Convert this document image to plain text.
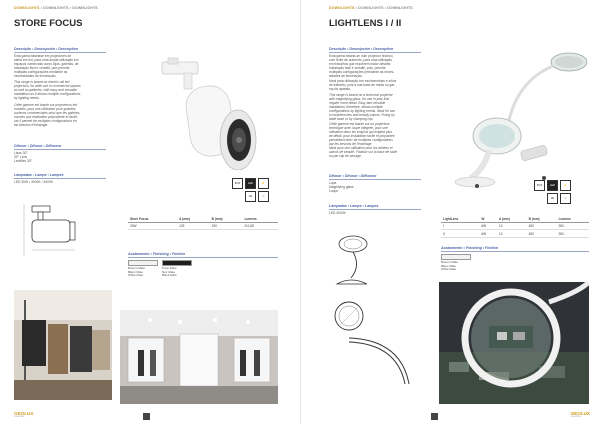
DOWNLIGHTS • DOWNLIGHTS • DOWNLIGHTS
STORE FOCUS
Descrição • Descripción • Description
Esta gama baseiase em projectores de
calha em led, para uma ampla utilização em
espaços comerciais como lojas, galerias, de
instalação fácil e versátil, pois permite
múltiplas configurações mediante as
necessidades de iluminação.
This range is based on electric rail led
projectors, for wide use in commercial spaces
as well as galleries, with easy and versatile
installation as it allows multiple configurations
by lighting needs.
Cette gamme est basée sur projecteurs led
murales, pour une utilisation pour grandes
surfaces commerciales ainsi que les galeries,
normes aux réalisation polyvalente et facile,
car il permet de multiples configurations en
las besoins d'éclairage.
Difusor • Difusor • Diffuseur
Lisos 30°
30° Lens
Lentilles 30°
Lâmpadas • Lamps • Lampes
LED 30W • 3000K / 4000K	IP20	LED	⚡
CE	▽
Store Focus	A (mm)	B (mm)	Lumens
30W	125	190	2/4,3/0
Acabamento • Finishing • Finition
Branco Mate
Blanc Mate
White Mate
Preto Mate
Noir Mate
Black Mate
GEOLUX
LIGHTING
DOWNLIGHTS • DOWNLIGHTS • DOWNLIGHTS
LIGHTLENS I / II
Descrição • Descripción • Description
Esta gama baseia-se num projector técnico,
com lente de aumento, para uma utilização
em trabalhos que requerem maior detalhe.
Instalação fácil e versátil, pois, permite
múltiplas configurações (mediante as neces-
sidades de iluminação.
Ideal para utilização em escrivaninhas e sítios
de trabalho, pois a sua base de mesa ou gar-
mp de aparato.
This range is based on a technical projector
with magnifying glass, for use in jobs that
require more detail. Easy and versatile
installation, therefore, allows multiple
configurations by lighting needs. Ideal for use
in workbenches and beauty salons. Fixing by
table base or by clamping clip.
Cette gamme est basée sur un projecteur
technique avec loupe intégrée, pour une
utilisation dans les emplois qui exigent plus
de détail. pour installation facile et polyvalent
permettant donc de multiples configurations
par les besoins de l'éclairage.
Idéal pour une utilisation pour les ateliers et
salons de beauté. Fixation sur la base de table
ou par clip de serrage.
Difusor • Difusor • Diffuseur
Lupa
Magnifying glass
Loupe
Lâmpadas • Lamps • Lampes
LED 4000K
IP20	LED	⚡
CE	▽
LightLens	W	A (mm)	B (mm)	Lumens
I	6W	10	450	300
II	6W	10	450	300
Acabamento • Finishing • Finition
Branco Mate
Blanc Mate
White Mate
GEOLUX
LIGHTING
